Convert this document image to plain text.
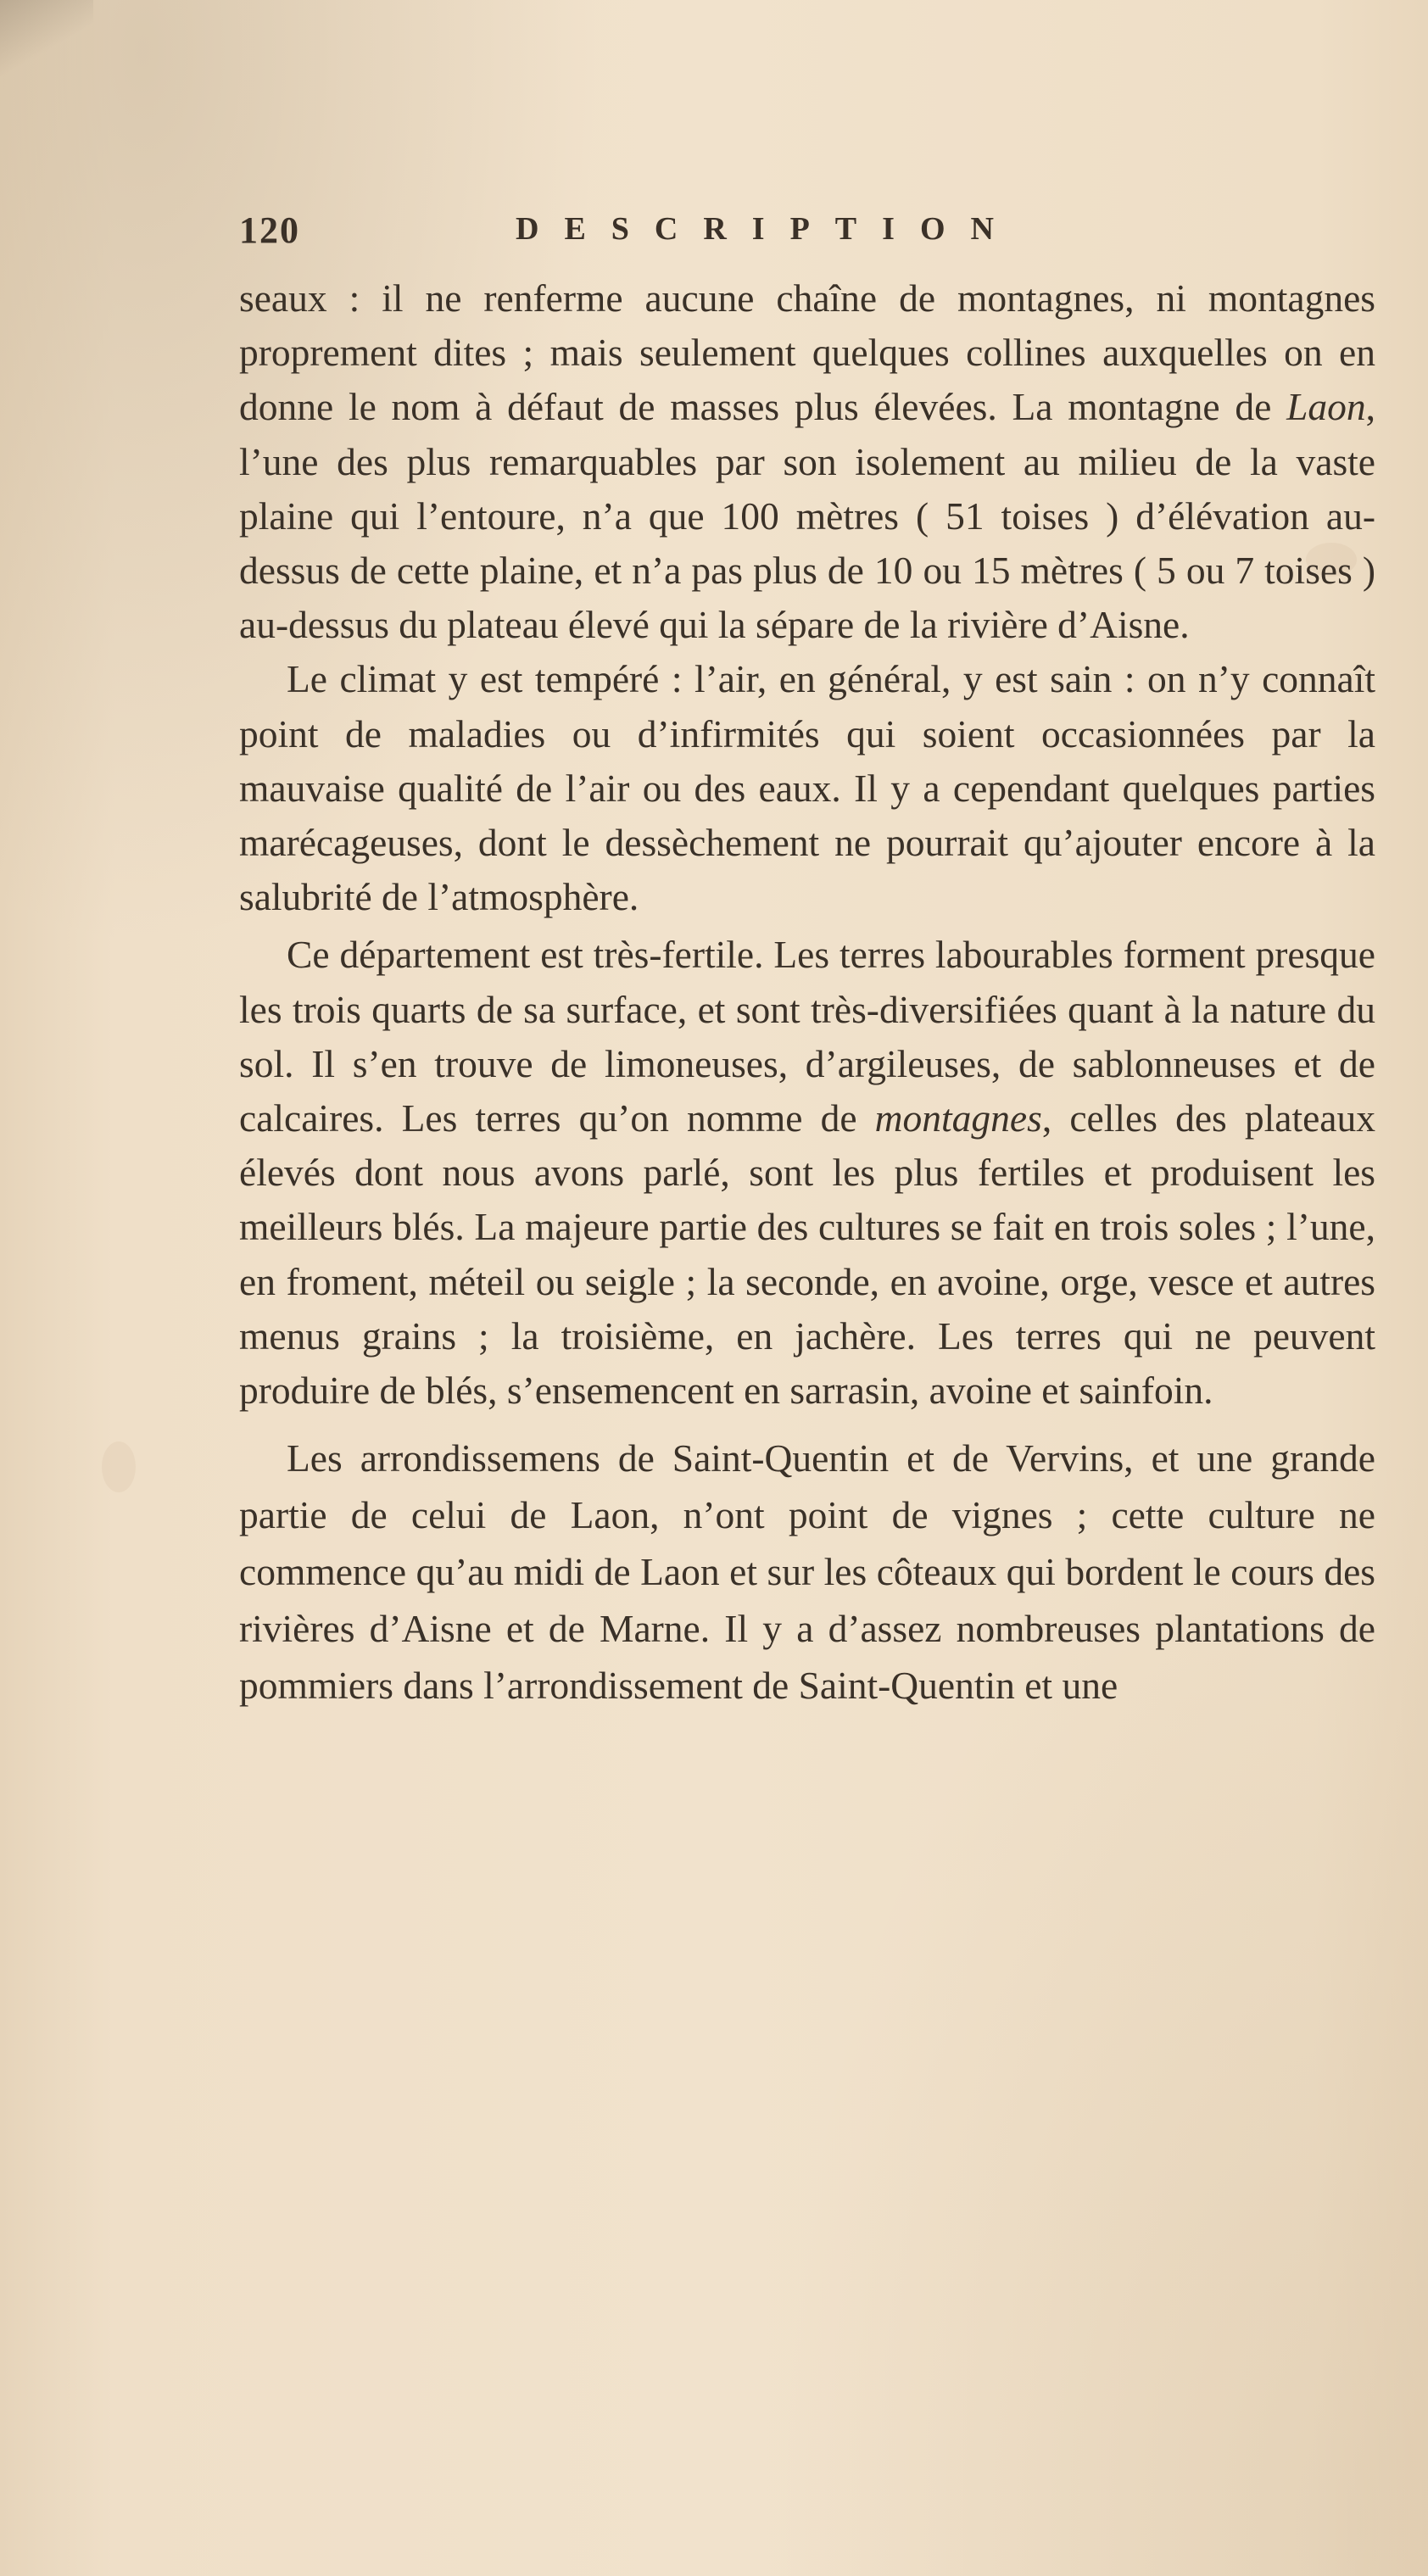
120	DESCRIPTION

seaux : il ne renferme aucune chaîne de montagnes, ni montagnes proprement dites ; mais seulement quelques collines auxquelles on en donne le nom à défaut de masses plus élevées. La montagne de Laon, l’une des plus remarquables par son isolement au milieu de la vaste plaine qui l’entoure, n’a que 100 mètres ( 51 toises ) d’élévation au-dessus de cette plaine, et n’a pas plus de 10 ou 15 mètres ( 5 ou 7 toises ) au-dessus du plateau élevé qui la sépare de la rivière d’Aisne.

Le climat y est tempéré : l’air, en général, y est sain : on n’y connaît point de maladies ou d’infirmités qui soient occasionnées par la mauvaise qualité de l’air ou des eaux. Il y a cependant quelques parties marécageuses, dont le dessèchement ne pourrait qu’ajouter encore à la salubrité de l’atmosphère.

Ce département est très-fertile. Les terres labourables forment presque les trois quarts de sa surface, et sont très-diversifiées quant à la nature du sol. Il s’en trouve de limoneuses, d’argileuses, de sablonneuses et de calcaires. Les terres qu’on nomme de montagnes, celles des plateaux élevés dont nous avons parlé, sont les plus fertiles et produisent les meilleurs blés. La majeure partie des cultures se fait en trois soles ; l’une, en froment, méteil ou seigle ; la seconde, en avoine, orge, vesce et autres menus grains ; la troisième, en jachère. Les terres qui ne peuvent produire de blés, s’ensemencent en sarrasin, avoine et sainfoin.

Les arrondissemens de Saint-Quentin et de Vervins, et une grande partie de celui de Laon, n’ont point de vignes ; cette culture ne commence qu’au midi de Laon et sur les côteaux qui bordent le cours des rivières d’Aisne et de Marne. Il y a d’assez nombreuses plantations de pommiers dans l’arrondissement de Saint-Quentin et une
